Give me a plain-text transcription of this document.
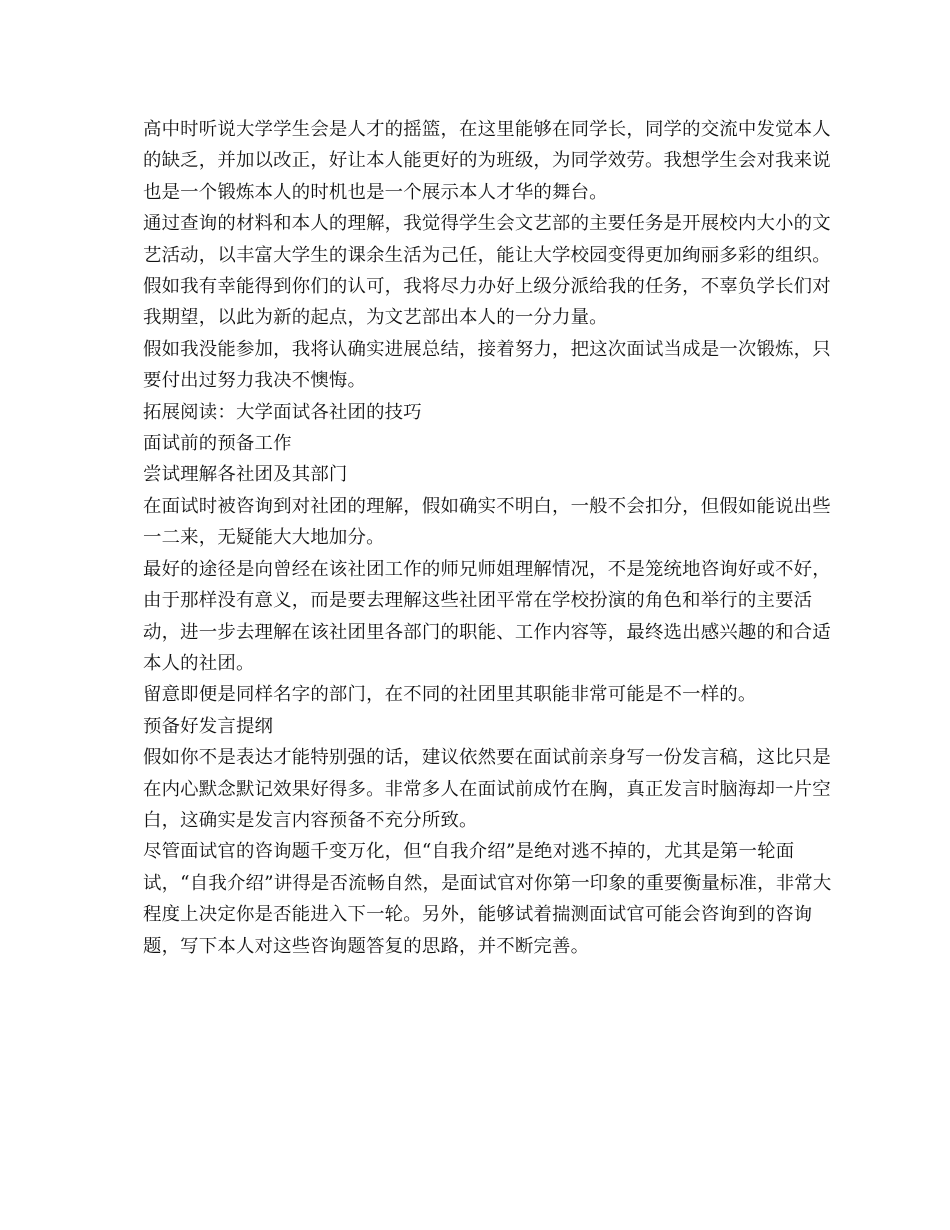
高中时听说大学学生会是人才的摇篮，在这里能够在同学长，同学的交流中发觉本人的缺乏，并加以改正，好让本人能更好的为班级，为同学效劳。我想学生会对我来说也是一个锻炼本人的时机也是一个展示本人才华的舞台。

通过查询的材料和本人的理解，我觉得学生会文艺部的主要任务是开展校内大小的文艺活动，以丰富大学生的课余生活为己任，能让大学校园变得更加绚丽多彩的组织。

假如我有幸能得到你们的认可，我将尽力办好上级分派给我的任务，不辜负学长们对我期望，以此为新的起点，为文艺部出本人的一分力量。

假如我没能参加，我将认确实进展总结，接着努力，把这次面试当成是一次锻炼，只要付出过努力我决不懊悔。

拓展阅读：大学面试各社团的技巧

面试前的预备工作

尝试理解各社团及其部门

在面试时被咨询到对社团的理解，假如确实不明白，一般不会扣分，但假如能说出些一二来，无疑能大大地加分。

最好的途径是向曾经在该社团工作的师兄师姐理解情况，不是笼统地咨询好或不好，由于那样没有意义，而是要去理解这些社团平常在学校扮演的角色和举行的主要活动，进一步去理解在该社团里各部门的职能、工作内容等，最终选出感兴趣的和合适本人的社团。

留意即便是同样名字的部门，在不同的社团里其职能非常可能是不一样的。

预备好发言提纲

假如你不是表达才能特别强的话，建议依然要在面试前亲身写一份发言稿，这比只是在内心默念默记效果好得多。非常多人在面试前成竹在胸，真正发言时脑海却一片空白，这确实是发言内容预备不充分所致。

尽管面试官的咨询题千变万化，但“自我介绍”是绝对逃不掉的，尤其是第一轮面试，“自我介绍”讲得是否流畅自然，是面试官对你第一印象的重要衡量标准，非常大程度上决定你是否能进入下一轮。另外，能够试着揣测面试官可能会咨询到的咨询题，写下本人对这些咨询题答复的思路，并不断完善。
